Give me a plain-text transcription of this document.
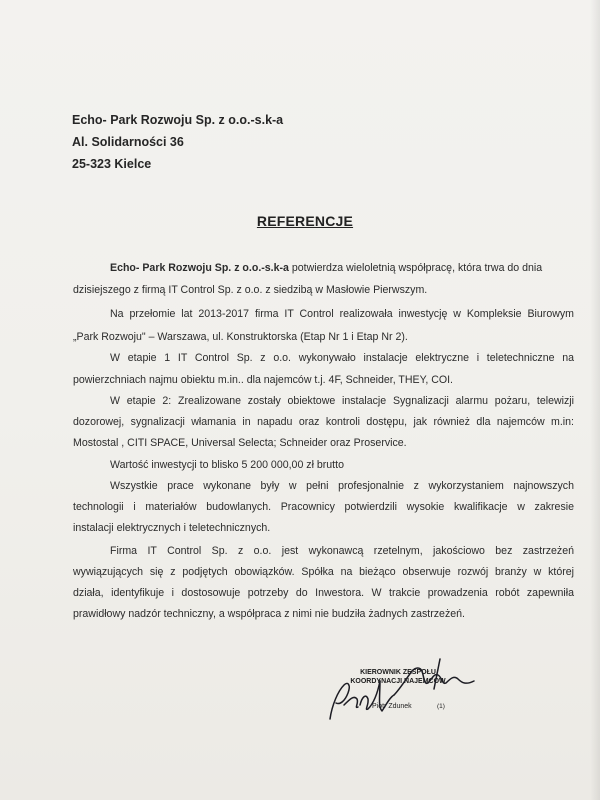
Echo- Park Rozwoju Sp. z o.o.-s.k-a
Al. Solidarności 36
25-323 Kielce
REFERENCJE
Echo- Park Rozwoju Sp. z o.o.-s.k-a potwierdza wieloletnią współpracę, która trwa do dnia
dzisiejszego z firmą IT Control Sp. z o.o. z siedzibą w Masłowie Pierwszym.
Na przełomie lat 2013-2017 firma IT Control realizowała inwestycję w Kompleksie Biurowym
„Park Rozwoju" – Warszawa, ul. Konstruktorska (Etap Nr 1 i Etap Nr 2).
W etapie 1 IT Control Sp. z o.o. wykonywało instalacje elektryczne i teletechniczne na
powierzchniach najmu obiektu m.in.. dla najemców t.j. 4F, Schneider, THEY, COI.
W etapie 2: Zrealizowane zostały obiektowe instalacje Sygnalizacji alarmu pożaru, telewizji
dozorowej, sygnalizacji włamania in napadu oraz kontroli dostępu, jak również dla najemców m.in:
Mostostal , CITI SPACE, Universal Selecta; Schneider oraz Proservice.
Wartość inwestycji to blisko 5 200 000,00 zł brutto
Wszystkie prace wykonane były w pełni profesjonalnie z wykorzystaniem najnowszych
technologii i materiałów budowlanych. Pracownicy potwierdzili wysokie kwalifikacje w zakresie
instalacji elektrycznych i teletechnicznych.
Firma IT Control Sp. z o.o. jest wykonawcą rzetelnym, jakościowo bez zastrzeżeń
wywiązujących się z podjętych obowiązków. Spółka na bieżąco obserwuje rozwój branży w której
działa, identyfikuje i dostosowuje potrzeby do Inwestora. W trakcie prowadzenia robót zapewniła
prawidłowy nadzór techniczny, a współpraca z nimi nie budziła żadnych zastrzeżeń.
KIEROWNIK ZESPOŁU
KOORDYNACJI NAJEMCÓW
Piotr Zdunek	(1)
